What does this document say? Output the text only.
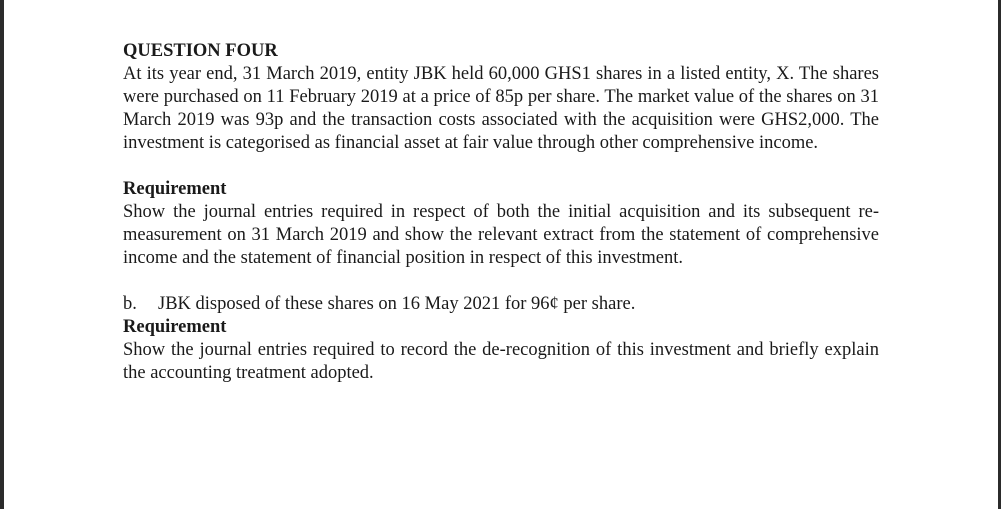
QUESTION FOUR

At its year end, 31 March 2019, entity JBK held 60,000 GHS1 shares in a listed entity, X. The shares were purchased on 11 February 2019 at a price of 85p per share. The market value of the shares on 31 March 2019 was 93p and the transaction costs associated with the acquisition were GHS2,000. The investment is categorised as financial asset at fair value through other comprehensive income.

Requirement

Show the journal entries required in respect of both the initial acquisition and its subsequent re-measurement on 31 March 2019 and show the relevant extract from the statement of comprehensive income and the statement of financial position in respect of this investment.

b. JBK disposed of these shares on 16 May 2021 for 96¢ per share.

Requirement

Show the journal entries required to record the de-recognition of this investment and briefly explain the accounting treatment adopted.
